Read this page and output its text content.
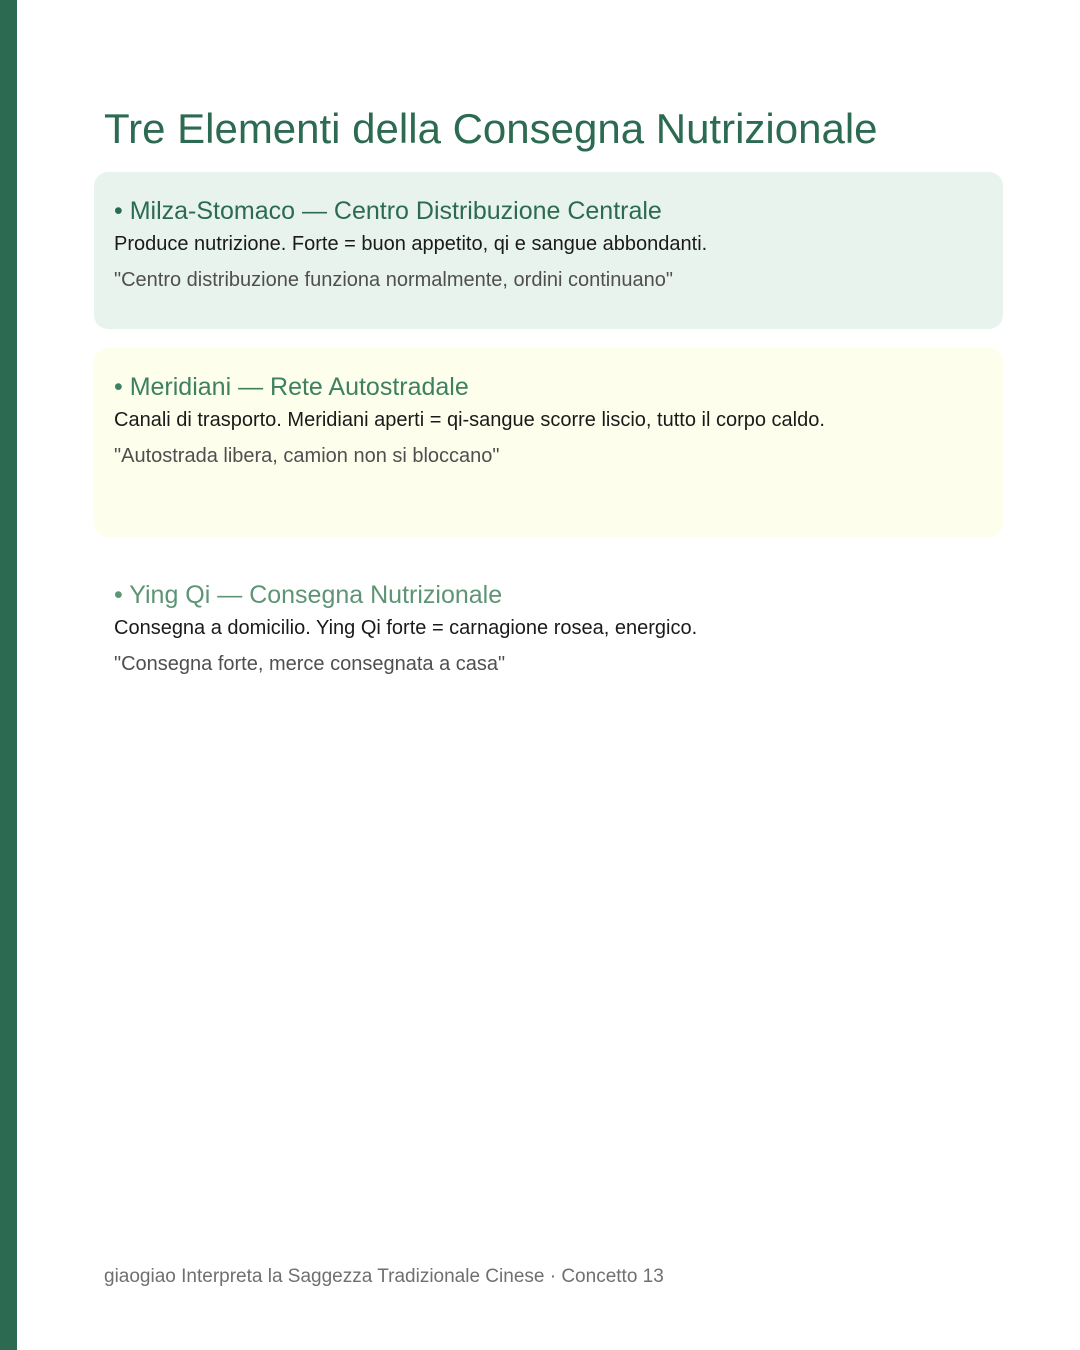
Tre Elementi della Consegna Nutrizionale
• Milza-Stomaco — Centro Distribuzione Centrale
Produce nutrizione. Forte = buon appetito, qi e sangue abbondanti.
"Centro distribuzione funziona normalmente, ordini continuano"
• Meridiani — Rete Autostradale
Canali di trasporto. Meridiani aperti = qi-sangue scorre liscio, tutto il corpo caldo.
"Autostrada libera, camion non si bloccano"
• Ying Qi — Consegna Nutrizionale
Consegna a domicilio. Ying Qi forte = carnagione rosea, energico.
"Consegna forte, merce consegnata a casa"
giaogiao Interpreta la Saggezza Tradizionale Cinese · Concetto 13
